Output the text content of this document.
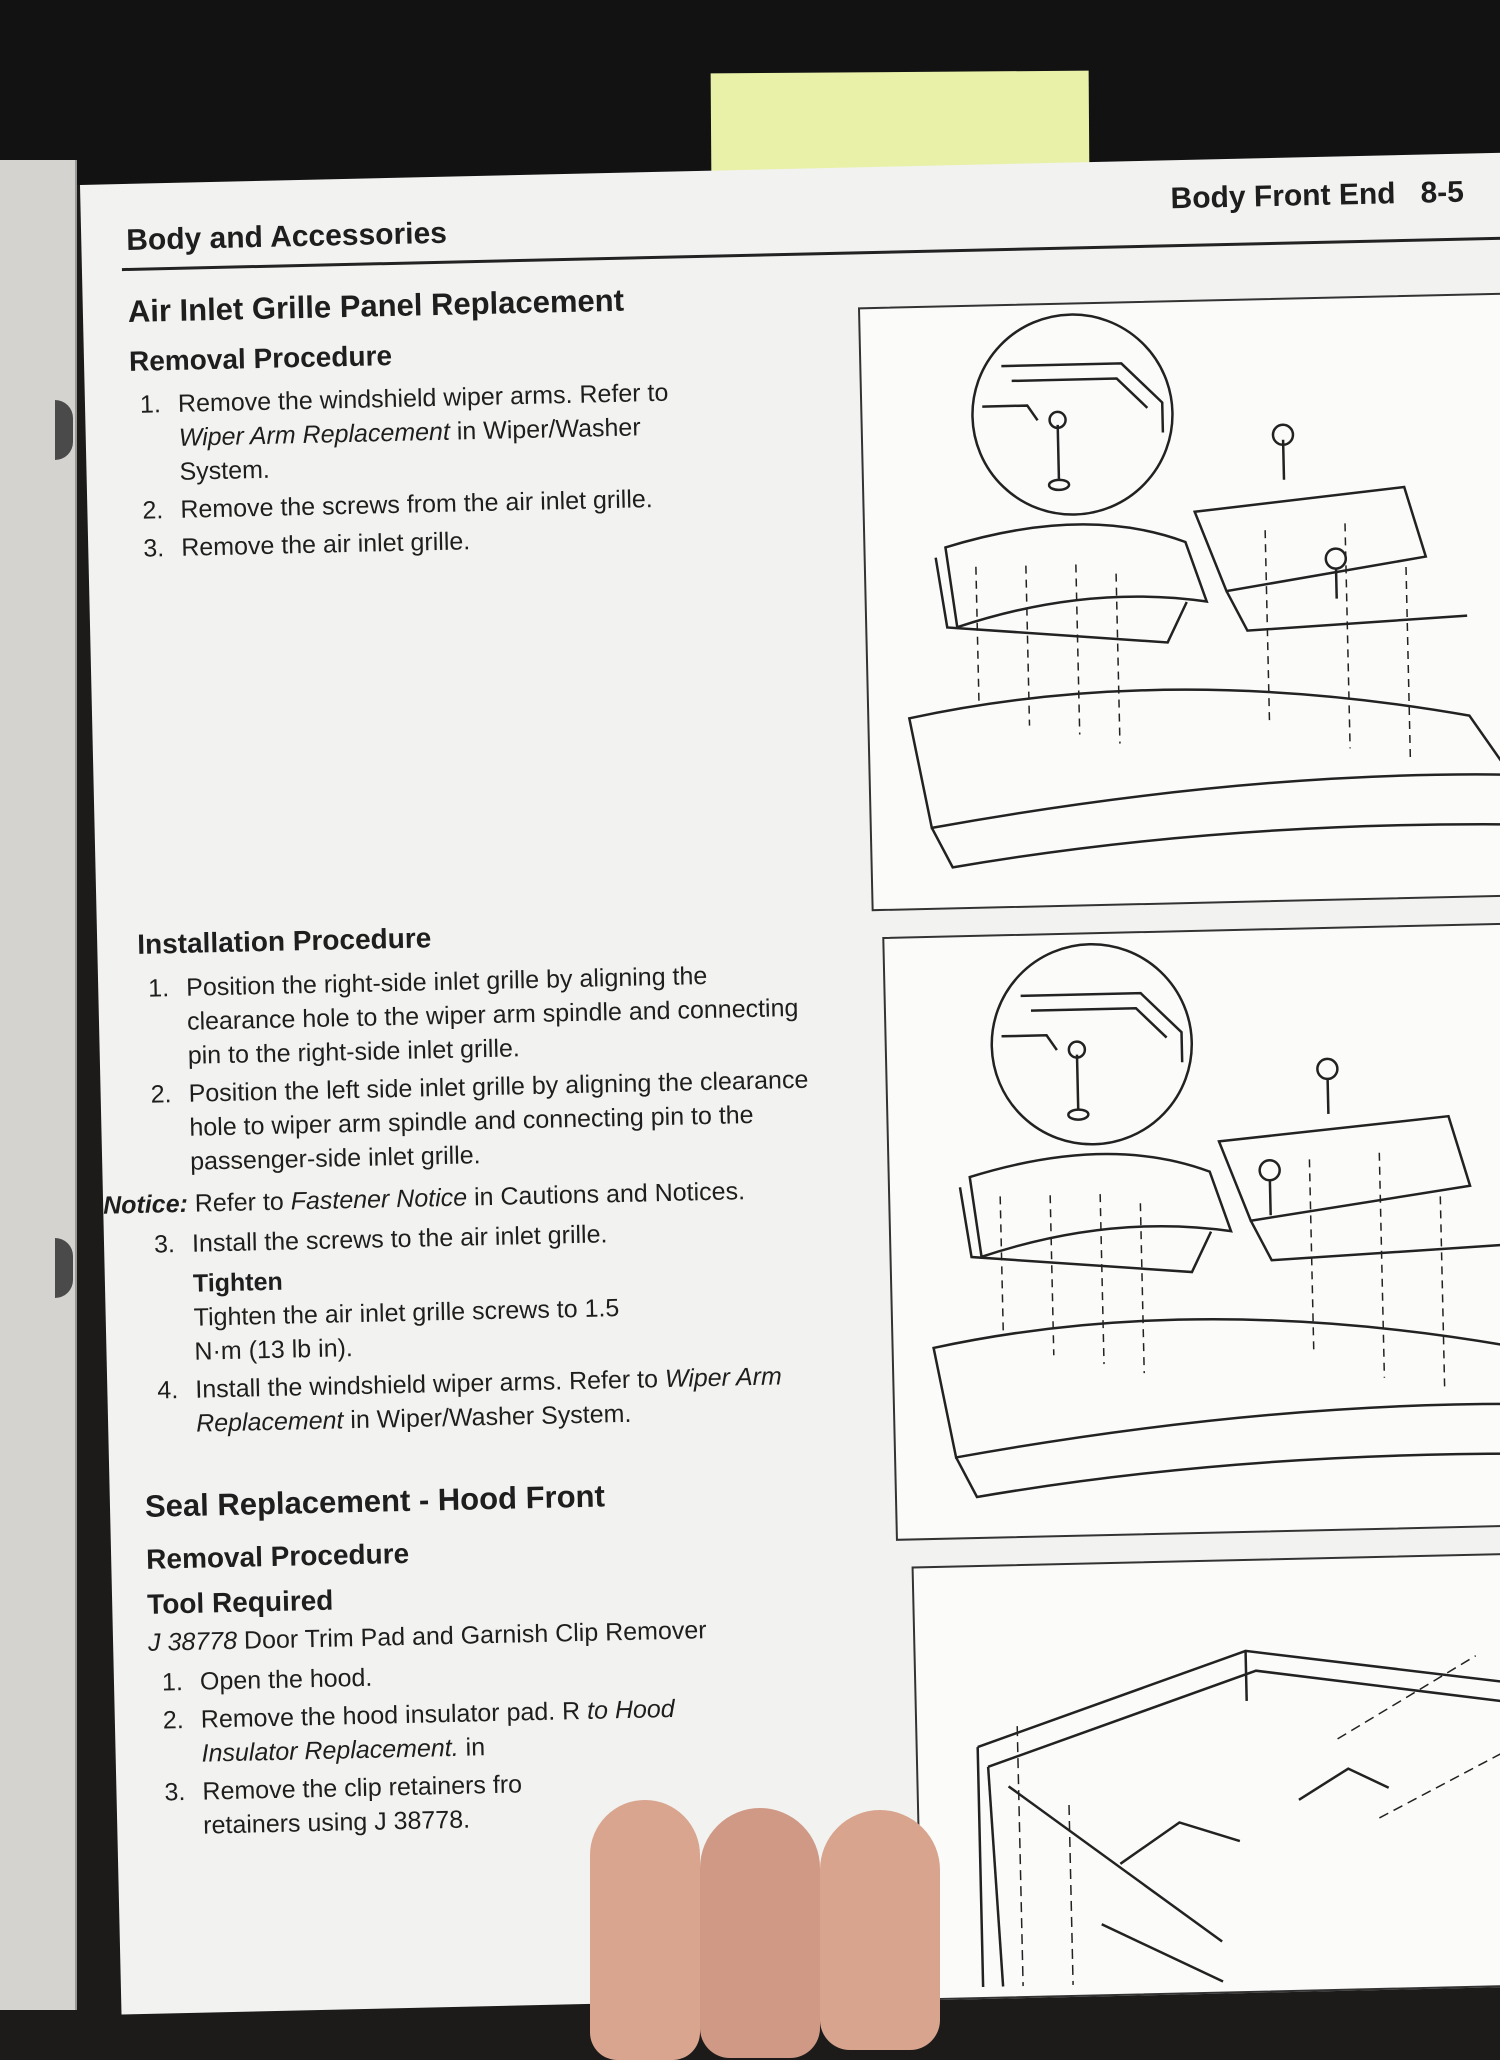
Body and Accessories
Body Front End 8-5
Air Inlet Grille Panel Replacement
Removal Procedure
1. Remove the windshield wiper arms. Refer to Wiper Arm Replacement in Wiper/Washer System.
2. Remove the screws from the air inlet grille.
3. Remove the air inlet grille.
Installation Procedure
1. Position the right-side inlet grille by aligning the clearance hole to the wiper arm spindle and connecting pin to the right-side inlet grille.
2. Position the left side inlet grille by aligning the clearance hole to wiper arm spindle and connecting pin to the passenger-side inlet grille.
Notice: Refer to Fastener Notice in Cautions and Notices.
3. Install the screws to the air inlet grille.
Tighten
Tighten the air inlet grille screws to 1.5 N·m (13 lb in).
4. Install the windshield wiper arms. Refer to Wiper Arm Replacement in Wiper/Washer System.
Seal Replacement - Hood Front
Removal Procedure
Tool Required
J 38778 Door Trim Pad and Garnish Clip Remover
1. Open the hood.
2. Remove the hood insulator pad. R to Hood
Insulator Replacement. in
3. Remove the clip retainers fro
retainers using J 38778.
